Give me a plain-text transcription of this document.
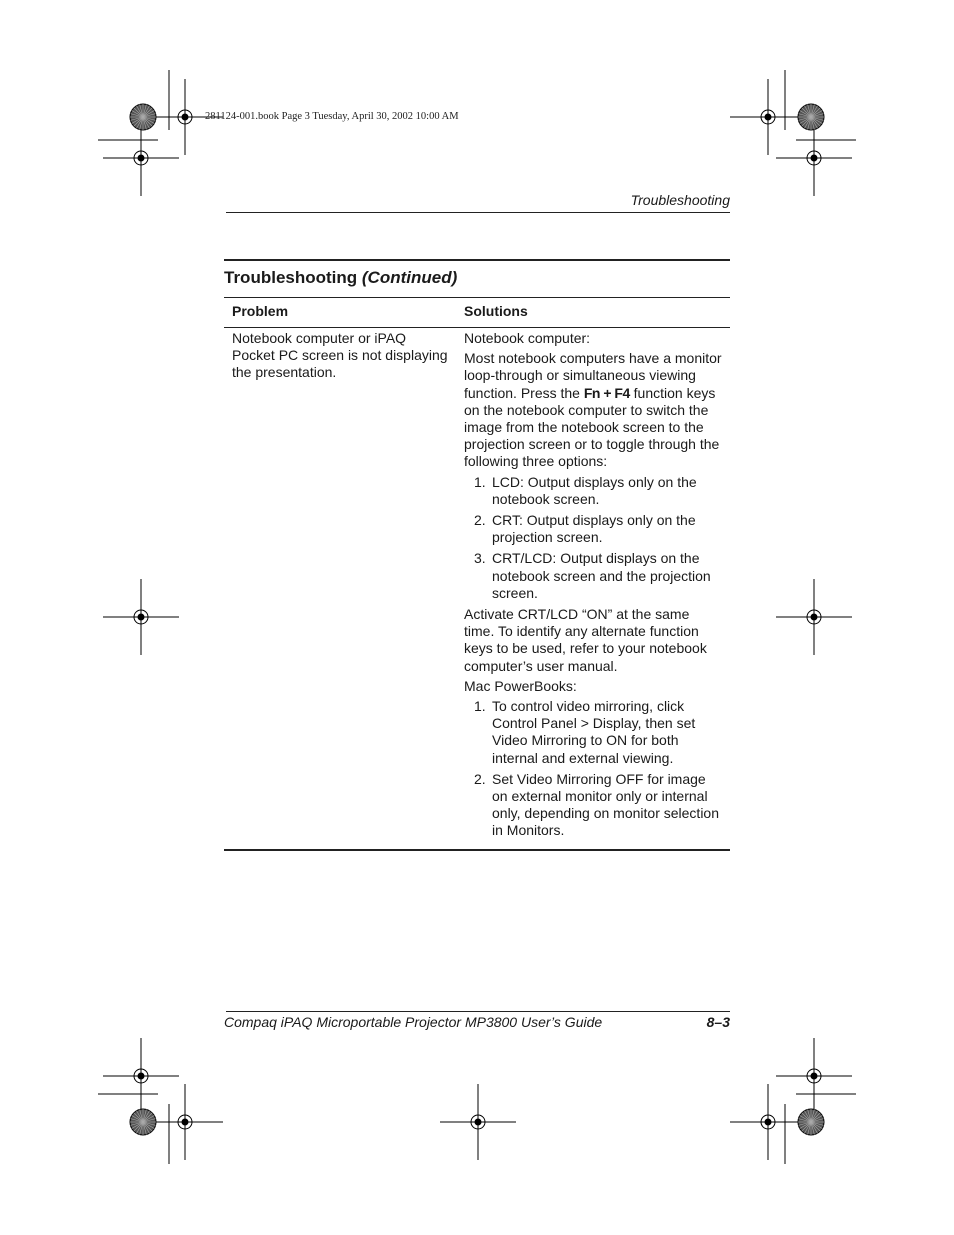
281124-001.book Page 3 Tuesday, April 30, 2002 10:00 AM
Troubleshooting
Troubleshooting (Continued)
Problem	Solutions
Notebook computer or iPAQ Pocket PC screen is not displaying the presentation.

Notebook computer:

Most notebook computers have a monitor loop-through or simultaneous viewing function. Press the Fn + F4 function keys on the notebook computer to switch the image from the notebook screen to the projection screen or to toggle through the following three options:

1. LCD: Output displays only on the notebook screen.
2. CRT: Output displays only on the projection screen.
3. CRT/LCD: Output displays on the notebook screen and the projection screen.

Activate CRT/LCD “ON” at the same time. To identify any alternate function keys to be used, refer to your notebook computer’s user manual.

Mac PowerBooks:

1. To control video mirroring, click Control Panel > Display, then set Video Mirroring to ON for both internal and external viewing.
2. Set Video Mirroring OFF for image on external monitor only or internal only, depending on monitor selection in Monitors.
Compaq iPAQ Microportable Projector MP3800 User’s Guide	8–3
